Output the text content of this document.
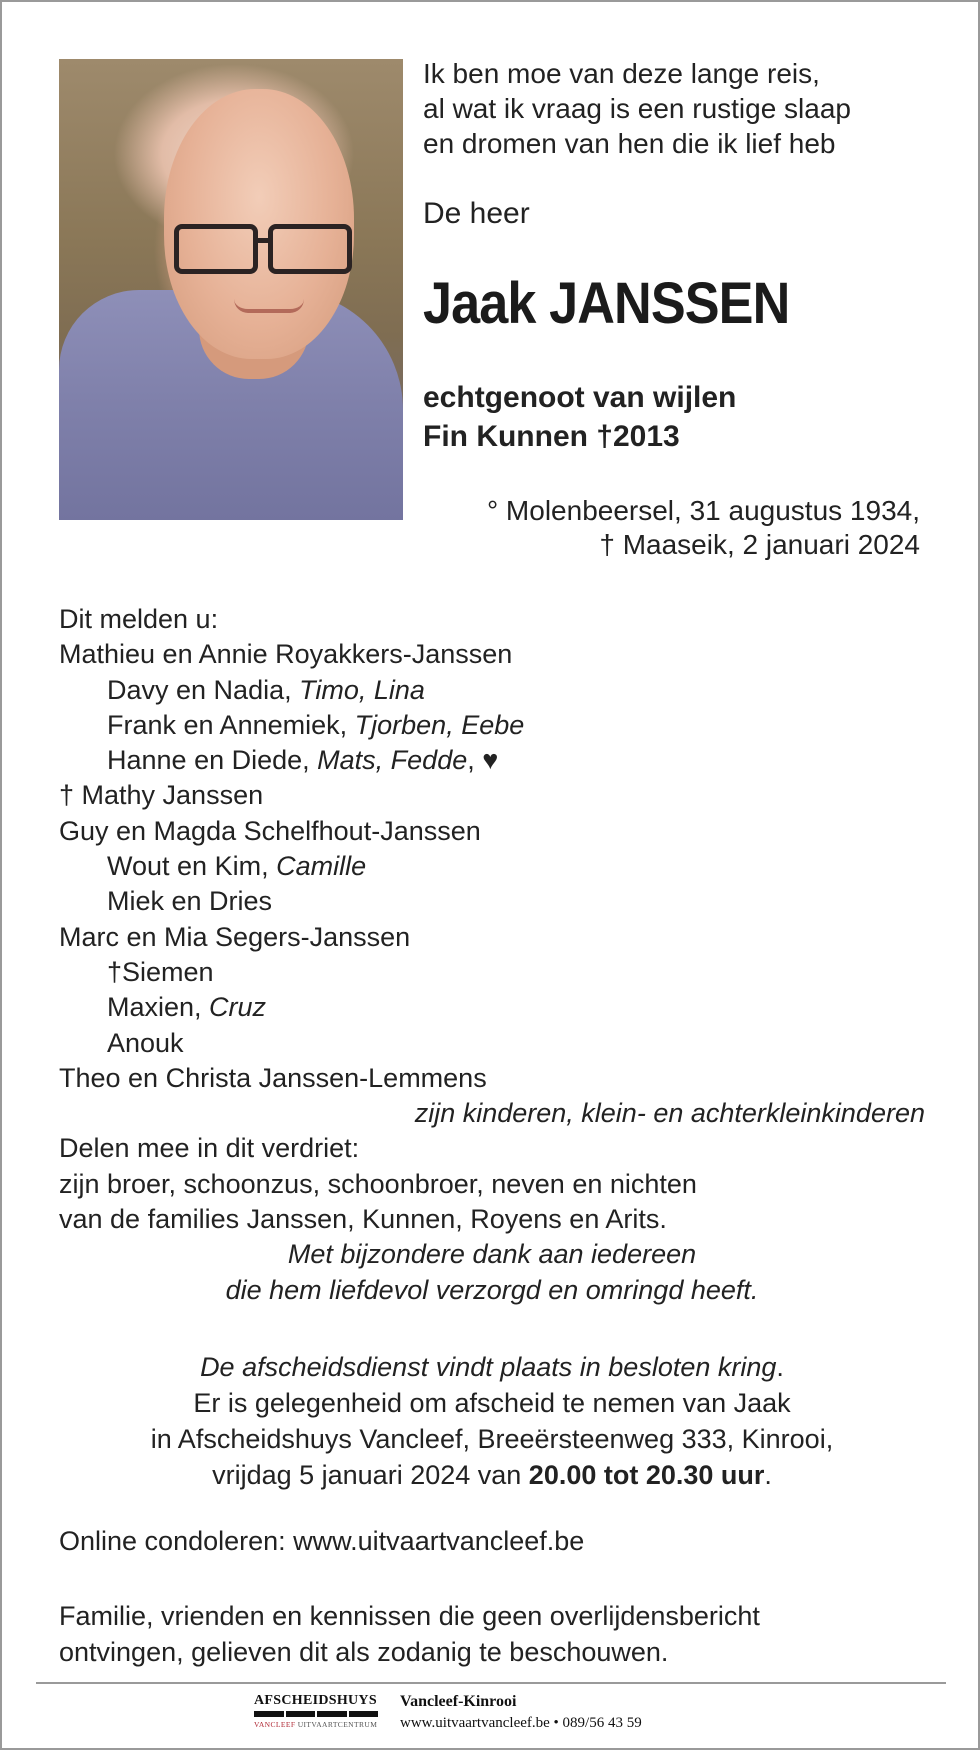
Ik ben moe van deze lange reis,
al wat ik vraag is een rustige slaap
en dromen van hen die ik lief heb
De heer
Jaak JANSSEN
echtgenoot van wijlen
Fin Kunnen †2013
° Molenbeersel, 31 augustus 1934,
† Maaseik, 2 januari 2024
Dit melden u:
Mathieu en Annie Royakkers-Janssen
Davy en Nadia, Timo, Lina
Frank en Annemiek, Tjorben, Eebe
Hanne en Diede, Mats, Fedde, ♥
† Mathy Janssen
Guy en Magda Schelfhout-Janssen
Wout en Kim, Camille
Miek en Dries
Marc en Mia Segers-Janssen
†Siemen
Maxien, Cruz
Anouk
Theo en Christa Janssen-Lemmens
zijn kinderen, klein- en achterkleinkinderen
Delen mee in dit verdriet:
zijn broer, schoonzus, schoonbroer, neven en nichten
van de families Janssen, Kunnen, Royens en Arits.
Met bijzondere dank aan iedereen
die hem liefdevol verzorgd en omringd heeft.
De afscheidsdienst vindt plaats in besloten kring.
Er is gelegenheid om afscheid te nemen van Jaak
in Afscheidshuys Vancleef, Breeërsteenweg 333, Kinrooi,
vrijdag 5 januari 2024 van 20.00 tot 20.30 uur.
Online condoleren: www.uitvaartvancleef.be
Familie, vrienden en kennissen die geen overlijdensbericht
ontvingen, gelieven dit als zodanig te beschouwen.
AFSCHEIDSHUYS
VANCLEEF UITVAARTCENTRUM
Vancleef-Kinrooi
www.uitvaartvancleef.be • 089/56 43 59
